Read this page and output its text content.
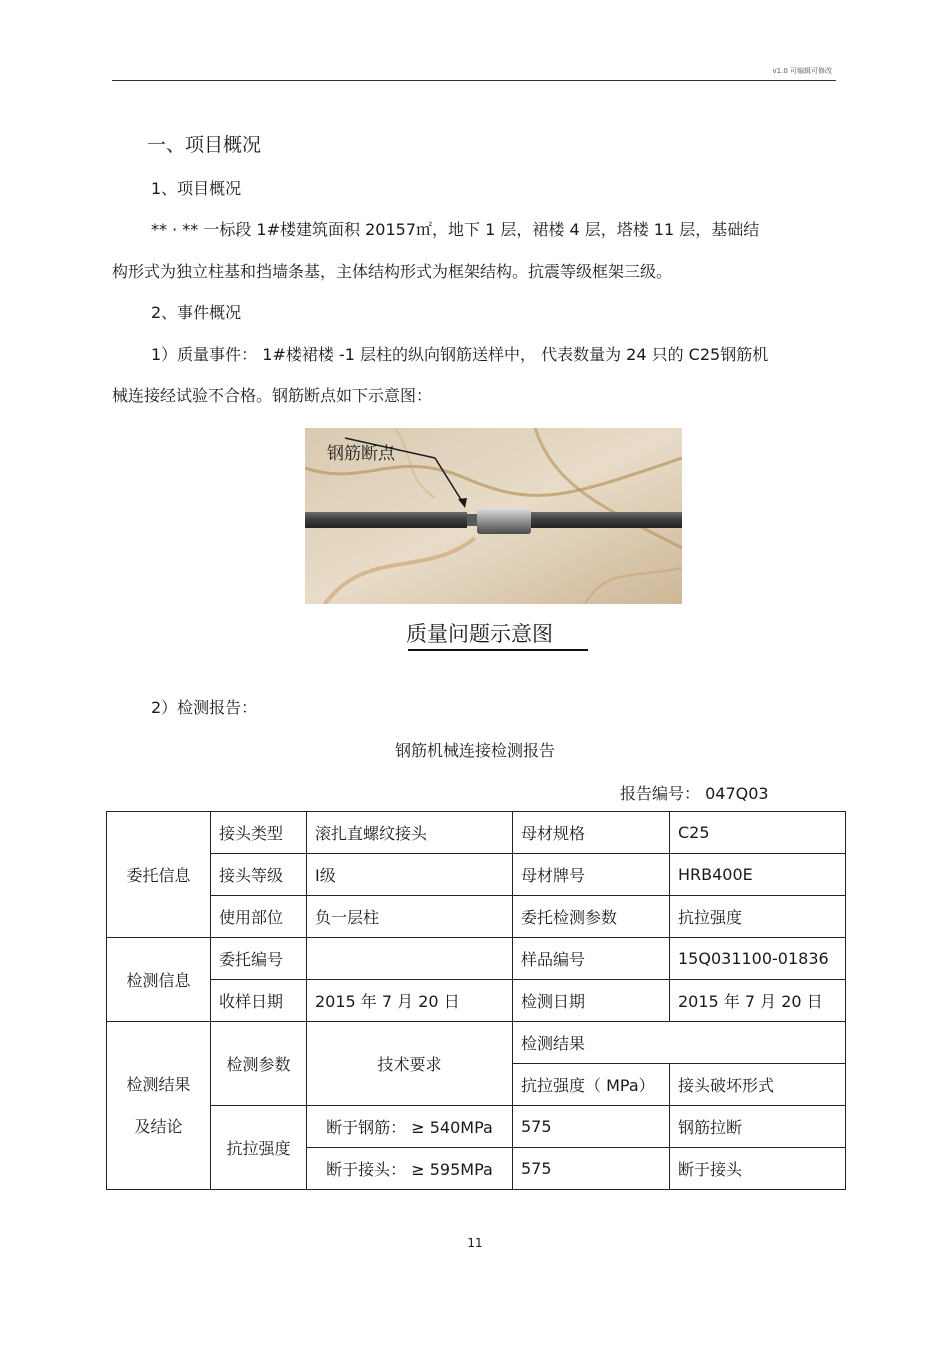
v1.0 可编辑可修改
一、项目概况
1、项目概况
** · ** 一标段 1#楼建筑面积 20157㎡，地下 1 层，裙楼 4 层，塔楼 11 层，基础结
构形式为独立柱基和挡墙条基，主体结构形式为框架结构。抗震等级框架三级。
2、事件概况
1）质量事件： 1#楼裙楼 -1 层柱的纵向钢筋送样中， 代表数量为 24 只的 C25钢筋机
械连接经试验不合格。钢筋断点如下示意图：
钢筋断点
质量问题示意图
2）检测报告：
钢筋机械连接检测报告
报告编号： 047Q03
委托信息	接头类型	滚扎直螺纹接头	母材规格	C25
	接头等级	Ⅰ级	母材牌号	HRB400E
	使用部位	负一层柱	委托检测参数	抗拉强度
检测信息	委托编号		样品编号	15Q031100-01836
	收样日期	2015 年 7 月 20 日	检测日期	2015 年 7 月 20 日

检测结果
及结论	检测参数	技术要求	检测结果	
			抗拉强度（ MPa）	接头破坏形式
	抗拉强度	断于钢筋： ≥ 540MPa	575	钢筋拉断
		断于接头： ≥ 595MPa	575	断于接头
11
